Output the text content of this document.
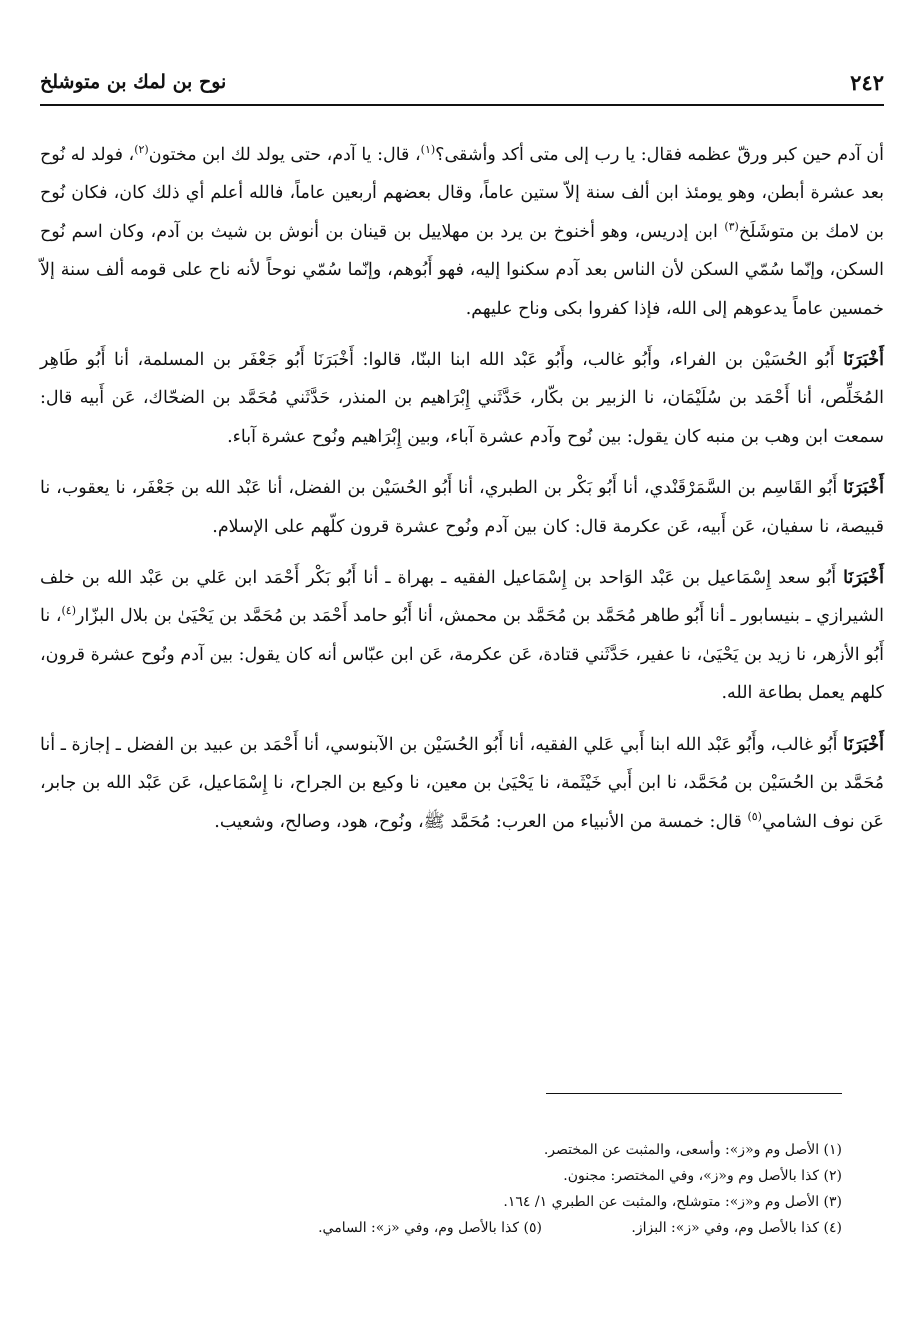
٢٤٢
نوح بن لمك بن متوشلخ

أن آدم حين كبر ورقّ عظمه فقال: يا رب إلى متى أكد وأشقى؟$^{(١)}$، قال: يا آدم، حتى يولد لك ابن مختون$^{(٢)}$، فولد له نُوح بعد عشرة أبطن، وهو يومئذ ابن ألف سنة إلاّ ستين عاماً، وقال بعضهم أربعين عاماً، فالله أعلم أي ذلك كان، فكان نُوح بن لامك بن متوشَلَخ$^{(٣)}$ ابن إدريس، وهو أخنوخ بن يرد بن مهلاييل بن قينان بن أنوش بن شيث بن آدم، وكان اسم نُوح السكن، وإنّما سُمّي السكن لأن الناس بعد آدم سكنوا إليه، فهو أَبُوهم، وإنّما سُمّي نوحاً لأنه ناح على قومه ألف سنة إلاّ خمسين عاماً يدعوهم إلى الله، فإذا كفروا بكى وناح عليهم.

أَخْبَرَنَا أَبُو الحُسَيْن بن الفراء، وأَبُو غالب، وأَبُو عَبْد الله ابنا البنّا، قالوا: أَخْبَرَنَا أَبُو جَعْفَر بن المسلمة، أنا أَبُو طَاهِر المُخَلِّص، أنا أَحْمَد بن سُلَيْمَان، نا الزبير بن بكّار، حَدَّثَني إِبْرَاهيم بن المنذر، حَدَّثَني مُحَمَّد بن الضحّاك، عَن أَبيه قال: سمعت ابن وهب بن منبه كان يقول: بين نُوح وآدم عشرة آباء، وبين إِبْرَاهيم ونُوح عشرة آباء.

أَخْبَرَنَا أَبُو القَاسِم بن السَّمَرْقَنْدي، أنا أَبُو بَكْر بن الطبري، أنا أَبُو الحُسَيْن بن الفضل، أنا عَبْد الله بن جَعْفَر، نا يعقوب، نا قبيصة، نا سفيان، عَن أَبيه، عَن عكرمة قال: كان بين آدم ونُوح عشرة قرون كلّهم على الإسلام.

أَخْبَرَنَا أَبُو سعد إِسْمَاعيل بن عَبْد الوَاحد بن إِسْمَاعيل الفقيه ـ بهراة ـ أنا أَبُو بَكْر أَحْمَد ابن عَلي بن عَبْد الله بن خلف الشيرازي ـ بنيسابور ـ أنا أَبُو طاهر مُحَمَّد بن مُحَمَّد بن محمش، أنا أَبُو حامد أَحْمَد بن مُحَمَّد بن يَحْيَىٰ بن بلال البزّار$^{(٤)}$، نا أَبُو الأزهر، نا زيد بن يَحْيَىٰ، نا عفير، حَدَّثَني قتادة، عَن عكرمة، عَن ابن عبّاس أنه كان يقول: بين آدم ونُوح عشرة قرون، كلهم يعمل بطاعة الله.

أَخْبَرَنَا أَبُو غالب، وأَبُو عَبْد الله ابنا أَبي عَلي الفقيه، أنا أَبُو الحُسَيْن بن الآبنوسي، أنا أَحْمَد بن عبيد بن الفضل ـ إجازة ـ أنا مُحَمَّد بن الحُسَيْن بن مُحَمَّد، نا ابن أَبي خَيْثَمة، نا يَحْيَىٰ بن معين، نا وكيع بن الجراح، نا إِسْمَاعيل، عَن عَبْد الله بن جابر، عَن نوف الشامي$^{(٥)}$ قال: خمسة من الأنبياء من العرب: مُحَمَّد ﷺ، ونُوح، هود، وصالح، وشعيب.

(١) الأصل وم و«ز»: وأسعى، والمثبت عن المختصر.

(٢) كذا بالأصل وم و«ز»، وفي المختصر: مجنون.

(٣) الأصل وم و«ز»: متوشلح، والمثبت عن الطبري ١/ ١٦٤.

(٤) كذا بالأصل وم، وفي «ز»: البزاز.

(٥) كذا بالأصل وم، وفي «ز»: السامي.
